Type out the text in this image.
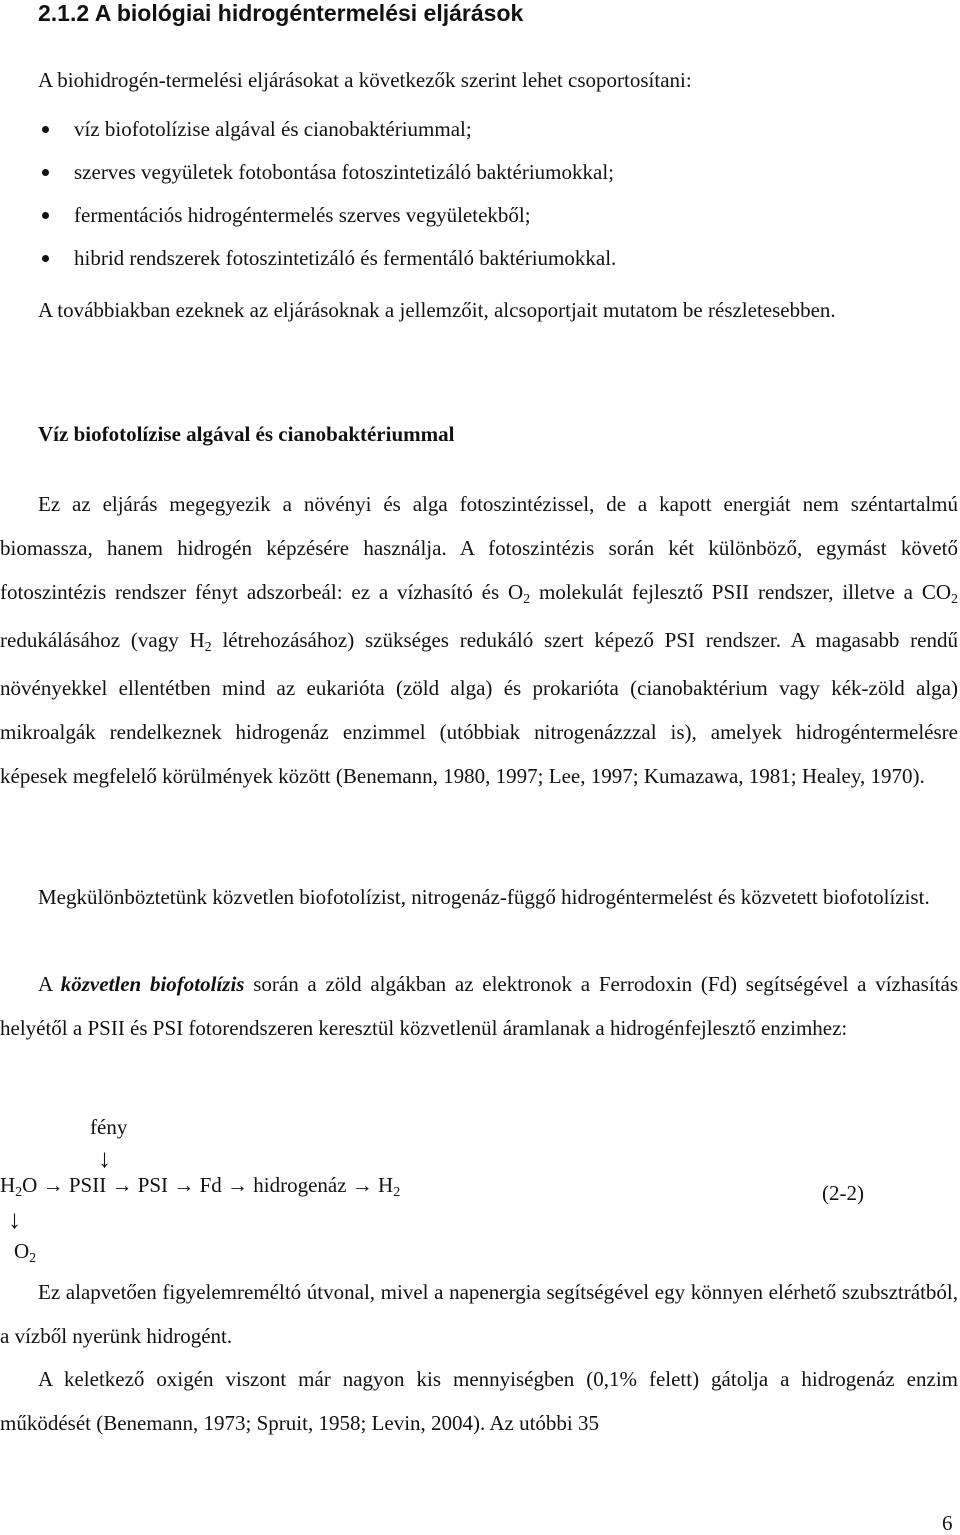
2.1.2 A biológiai hidrogéntermelési eljárások

A biohidrogén-termelési eljárásokat a következők szerint lehet csoportosítani:

víz biofotolízise algával és cianobaktériummal;
szerves vegyületek fotobontása fotoszintetizáló baktériumokkal;
fermentációs hidrogéntermelés szerves vegyületekből;
hibrid rendszerek fotoszintetizáló és fermentáló baktériumokkal.

A továbbiakban ezeknek az eljárásoknak a jellemzőit, alcsoportjait mutatom be részletesebben.

Víz biofotolízise algával és cianobaktériummal

Ez az eljárás megegyezik a növényi és alga fotoszintézissel, de a kapott energiát nem széntartalmú biomassza, hanem hidrogén képzésére használja. A fotoszintézis során két különböző, egymást követő fotoszintézis rendszer fényt adszorbeál: ez a vízhasító és $O_2$ molekulát fejlesztő PSII rendszer, illetve a $CO_2$ redukálásához (vagy $H_2$ létrehozásához) szükséges redukáló szert képező PSI rendszer. A magasabb rendű növényekkel ellentétben mind az eukarióta (zöld alga) és prokarióta (cianobaktérium vagy kék-zöld alga) mikroalgák rendelkeznek hidrogenáz enzimmel (utóbbiak nitrogenázzzal is), amelyek hidrogéntermelésre képesek megfelelő körülmények között (Benemann, 1980, 1997; Lee, 1997; Kumazawa, 1981; Healey, 1970).

Megkülönböztetünk közvetlen biofotolízist, nitrogenáz-függő hidrogéntermelést és közvetett biofotolízist.

A közvetlen biofotolízis során a zöld algákban az elektronok a Ferrodoxin (Fd) segítségével a vízhasítás helyétől a PSII és PSI fotorendszeren keresztül közvetlenül áramlanak a hidrogénfejlesztő enzimhez:

fény
↓
$H_2O$ → PSII → PSI → Fd → hidrogenáz → $H_2$	(2-2)
↓
$O_2$

Ez alapvetően figyelemreméltó útvonal, mivel a napenergia segítségével egy könnyen elérhető szubsztrátból, a vízből nyerünk hidrogént.

A keletkező oxigén viszont már nagyon kis mennyiségben (0,1% felett) gátolja a hidrogenáz enzim működését (Benemann, 1973; Spruit, 1958; Levin, 2004). Az utóbbi 35

6
